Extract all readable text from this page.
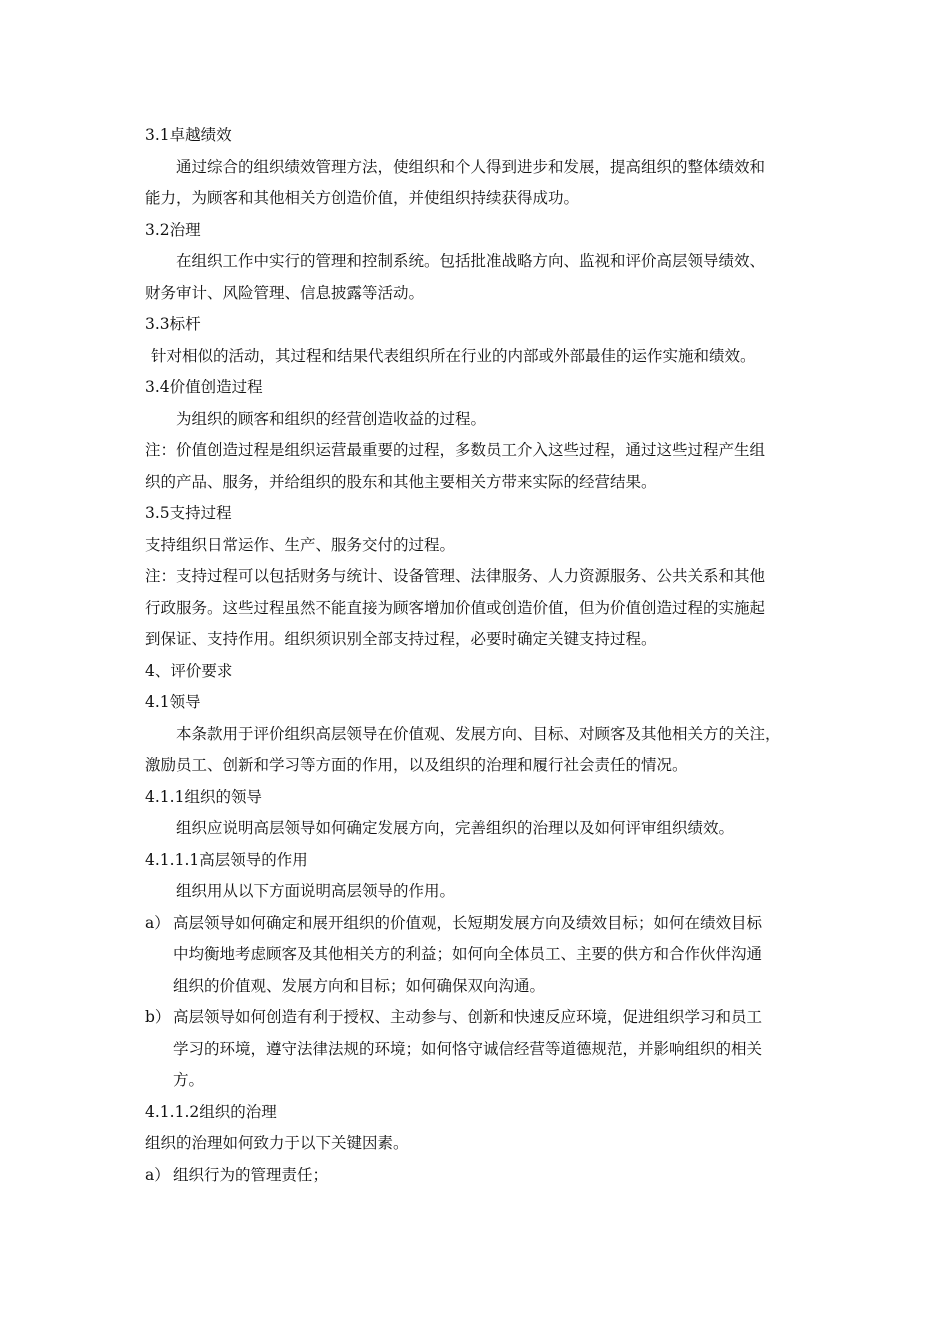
3.1卓越绩效
通过综合的组织绩效管理方法，使组织和个人得到进步和发展，提高组织的整体绩效和
能力，为顾客和其他相关方创造价值，并使组织持续获得成功。
3.2治理
在组织工作中实行的管理和控制系统。包括批准战略方向、监视和评价高层领导绩效、
财务审计、风险管理、信息披露等活动。
3.3标杆
针对相似的活动，其过程和结果代表组织所在行业的内部或外部最佳的运作实施和绩效。
3.4价值创造过程
为组织的顾客和组织的经营创造收益的过程。
注：价值创造过程是组织运营最重要的过程，多数员工介入这些过程，通过这些过程产生组
织的产品、服务，并给组织的股东和其他主要相关方带来实际的经营结果。
3.5支持过程
支持组织日常运作、生产、服务交付的过程。
注：支持过程可以包括财务与统计、设备管理、法律服务、人力资源服务、公共关系和其他
行政服务。这些过程虽然不能直接为顾客增加价值或创造价值，但为价值创造过程的实施起
到保证、支持作用。组织须识别全部支持过程，必要时确定关键支持过程。
4、评价要求
4.1领导
本条款用于评价组织高层领导在价值观、发展方向、目标、对顾客及其他相关方的关注，
激励员工、创新和学习等方面的作用，以及组织的治理和履行社会责任的情况。
4.1.1组织的领导
组织应说明高层领导如何确定发展方向，完善组织的治理以及如何评审组织绩效。
4.1.1.1高层领导的作用
组织用从以下方面说明高层领导的作用。
a） 高层领导如何确定和展开组织的价值观，长短期发展方向及绩效目标；如何在绩效目标
中均衡地考虑顾客及其他相关方的利益；如何向全体员工、主要的供方和合作伙伴沟通
组织的价值观、发展方向和目标；如何确保双向沟通。
b） 高层领导如何创造有利于授权、主动参与、创新和快速反应环境，促进组织学习和员工
学习的环境，遵守法律法规的环境；如何恪守诚信经营等道德规范，并影响组织的相关
方。
4.1.1.2组织的治理
组织的治理如何致力于以下关键因素。
a） 组织行为的管理责任；
